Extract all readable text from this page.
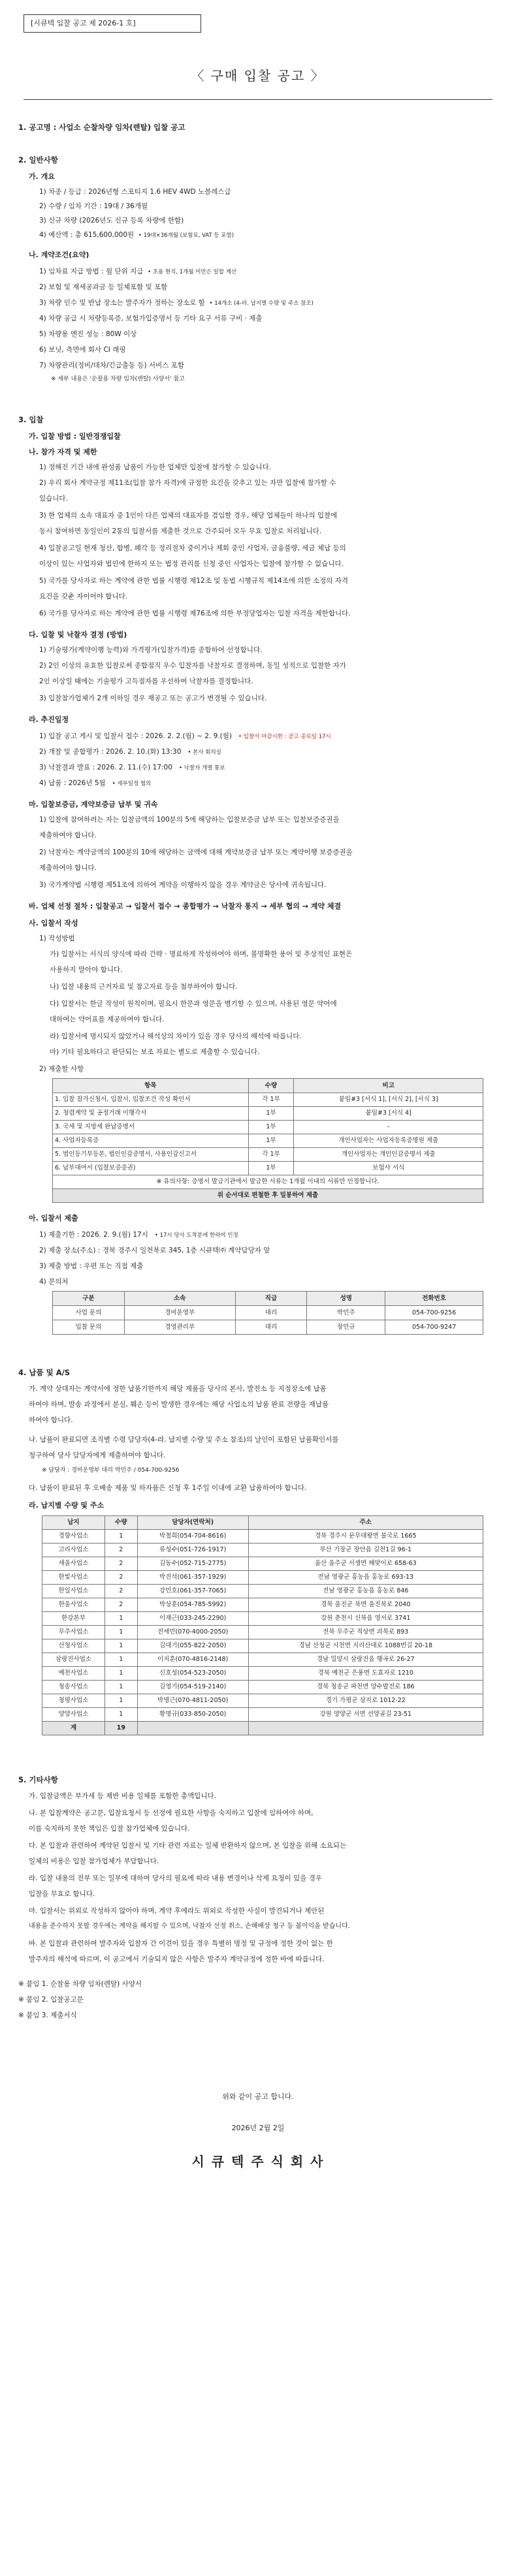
[시큐텍 입찰 공고 제 2026-1 호]
〈 구매 입찰 공고 〉
1. 공고명 : 사업소 순찰차량 임차(렌탈) 입찰 공고
2. 일반사항
가. 개요
1) 차종 / 등급 : 2026년형 스포티지 1.6 HEV 4WD 노블레스급
2) 수량 / 임차 기간 : 19대 / 36개월
3) 신규 차량 (2026년도 신규 등록 차량에 한함)
4) 예산액 : 총 615,600,000원 • 19대×36개월 (보험료, VAT 등 포함)
나. 계약조건(요약)
1) 임차료 지급 방법 : 월 단위 지급 • 초용 현직, 1개월 미만은 일할 계산
2) 보험 및 재세공과금 등 일체포함 및 포함
3) 차량 인수 및 반납 장소는 발주자가 정하는 장소로 함 • 14개소 (4-라. 납지별 수량 및 주소 참조)
4) 차량 공급 시 차량등록증, 보험가입증명서 등 기타 요구 서류 구비 · 제출
5) 차량용 엔진 성능 : 80W 이상
6) 보닛, 측면에 회사 CI 래핑
7) 차량관리(정비/대차/긴급출동 등) 서비스 포함
※ 세부 내용은 '순찰용 차량 임차(렌탈) 사양서' 참고
3. 입찰
가. 입찰 방법 : 일반경쟁입찰
나. 참가 자격 및 제한
1) 정해진 기간 내에 완성품 납품이 가능한 업체만 입찰에 참가할 수 있습니다.
2) 우리 회사 계약규정 제11조(입찰 참가 자격)에 규정한 요건을 갖추고 있는 자만 입찰에 참가할 수
있습니다.
3) 한 업체의 소속 대표자 중 1인이 다른 업체의 대표자를 겸임할 경우, 해당 업체들이 하나의 입찰에
동시 참여하면 동일인이 2통의 입찰서를 제출한 것으로 간주되어 모두 무효 입찰로 처리됩니다.
4) 입찰공고일 현재 청산, 합병, 폐각 등 정리절차 중이거나 제회 중인 사업자, 금융불량, 세금 체납 등의
이상이 있는 사업자와 법인에 한하지 또는 법정 관리를 신청 중인 사업자는 입찰에 참가할 수 없습니다.
5) 국가를 당사자로 하는 계약에 관한 법률 시행령 제12조 및 동법 시행규칙 제14조에 의한 소정의 자격
요건을 갖춘 자이어야 합니다.
6) 국가를 당사자로 하는 계약에 관한 법률 시행령 제76조에 의한 부정당업자는 입찰 자격을 제한합니다.
다. 입찰 및 낙찰자 결정 (방법)
1) 기술평가(계약이행 능력)와 가격평가(입찰가격)를 종합하여 선정합니다.
2) 2인 이상의 유효한 입찰로써 종합점직 우수 입찰자를 낙찰자로 결정하며, 동일 성적으로 입찰한 자가
2인 이상일 때에는 기술평가 고득점자를 우선하여 낙찰자를 결정합니다.
3) 입찰참가업체가 2개 이하일 경우 재공고 또는 공고가 변경될 수 있습니다.
라. 추진일정
1) 입찰 공고 게시 및 입찰서 접수 : 2026. 2. 2.(월) ~ 2. 9.(월) • 입찰서 마감시한 : 공고 종료일 17시
2) 개찰 및 종합평가 : 2026. 2. 10.(화) 13:30 • 본사 회의실
3) 낙찰결과 발표 : 2026. 2. 11.(수) 17:00 • 낙찰자 개별 통보
4) 납품 : 2026년 5월 • 세부일정 협의
마. 입찰보증금, 계약보증금 납부 및 귀속
1) 입찰에 참여하려는 자는 입찰금액의 100분의 5에 해당하는 입찰보증금 납부 또는 입찰보증증권을
제출하여야 합니다.
2) 낙찰자는 계약금액의 100분의 10에 해당하는 금액에 대해 계약보증금 납부 또는 계약이행 보증증권을
제출하여야 합니다.
3) 국가계약법 시행령 제51조에 의하여 계약을 이행하지 않을 경우 계약금은 당사에 귀속됩니다.
바. 업체 선정 절차 : 입찰공고 → 입찰서 접수 → 종합평가 → 낙찰자 통지 → 세부 협의 → 계약 체결
사. 입찰서 작성
1) 작성방법
가) 입찰서는 서식의 양식에 따라 간략 · 명료하게 작성하여야 하며, 불명확한 용어 및 추상적인 표현은
사용하지 말아야 합니다.
나) 입찰 내용의 근거자료 및 참고자료 등을 첨부하여야 합니다.
다) 입찰서는 한글 작성이 원칙이며, 필요시 한문과 영문을 병기할 수 있으며, 사용된 영문 약어에
대하여는 약어표를 제공하여야 합니다.
라) 입찰서에 명시되지 않았거나 해석상의 차이가 있을 경우 당사의 해석에 따릅니다.
마) 기타 필요하다고 판단되는 보조 자료는 별도로 제출할 수 있습니다.
2) 제출할 사항
항목	수량	비고
1. 입찰 참가신청서, 입찰서, 입찰조건 작성 확인서	각 1부	붙임#3 [서식 1], [서식 2], [서식 3]
2. 청렴계약 및 공정거래 이행각서	1부	붙임#3 [서식 4]
3. 국세 및 지방세 완납증명서	1부	-
4. 사업자등록증	1부	개인사업자는 사업자등록증명원 제출
5. 법인등기부등본, 법인인감증명서, 사용인감신고서	각 1부	개인사업자는 개인인감증명서 제출
6. 납부대여서 (입찰보증증권)	1부	보험사 서식
※ 유의사항: 증명서 발급기관에서 발급한 서류는 1개월 이내의 서류만 인정합니다.		
위 순서대로 편철한 후 밀봉하여 제출		
아. 입찰서 제출
1) 제출기한 : 2026. 2. 9.(월) 17시 • 17시 당사 도착분에 한하여 인정
2) 제출 장소(주소) : 경북 경주시 일천북로 345, 1층 시큐텍㈜ 계약담당자 앞
3) 제출 방법 : 우편 또는 직접 제출
4) 문의처
구분	소속	직급	성명	전화번호
사업 문의	경비운영부	대리	박민주	054-700-9256
입찰 문의	경영관리부	대리	장민규	054-700-9247
4. 납품 및 A/S
가. 계약 상대자는 계약서에 정한 납품기한까지 해당 제품을 당사의 본사, 발전소 등 지정장소에 납품
하여야 하며, 발송 과정에서 분실, 훼손 등이 발생한 경우에는 해당 사업소의 납품 완료 전량을 재납품
하여야 합니다.
나. 납품이 완료되면 조직별 수령 담당자(4-라. 납지별 수량 및 주소 참조)의 날인이 포함된 납품확인서를
청구하여 당사 담당자에게 제출하여야 합니다.
※ 담당자 : 경비운영부 대리 박민주 / 054-700-9256
다. 납품이 완료된 후 오배송 제품 및 하자품은 신청 후 1주일 이내에 교환 납품하여야 합니다.
라. 납지별 수량 및 주소
납지	수량	담당자(연락처)	주소
경향사업소	1	박철희(054-704-8616)	경북 경주시 문무대왕면 불국로 1665
고리사업소	2	류성수(051-726-1917)	부산 기장군 장안읍 길천1길 96-1
새울사업소	2	김동수(052-715-2775)	울산 울주군 서생면 해맞이로 658-63
한빛사업소	2	박진석(061-357-1929)	전남 영광군 홍농읍 홍농로 693-13
한일사업소	2	강민호(061-357-7065)	전남 영광군 홍농읍 홍농로 846
한울사업소	2	박상훈(054-785-5992)	경북 울진군 북면 울진북로 2040
한강본부	1	이재근(033-245-2290)	강원 춘천시 신북읍 영서로 3741
무주사업소	1	전세민(070-4000-2050)	전북 무주군 적상면 괴목로 893
산청사업소	1	김대기(055-822-2050)	경남 산청군 시천면 지리산대로 1088번길 20-18
삼랑진사업소	1	이지훈(070-4816-2148)	경남 밀양시 삼랑진읍 행곡로 26-27
예천사업소	1	신호성(054-523-2050)	경북 예천군 은풍면 도효자로 1210
청송사업소	1	김영기(054-519-2140)	경북 청송군 파천면 양수발전로 186
청평사업소	1	박명근(070-4811-2050)	경기 가평군 상지로 1012-22
양양사업소	1	황명규(033-850-2050)	강원 양양군 서면 선양골길 23-51
계	19		
5. 기타사항
가. 입찰금액은 부가세 등 제반 비용 일체를 포함한 총액입니다.
나. 본 입찰계약은 공고문, 입찰요청서 등 선정에 필요한 사항을 숙지하고 입찰에 임하여야 하며,
이를 숙지하지 못한 책임은 입찰 참가업체에 있습니다.
다. 본 입찰과 관련하여 계약된 입찰서 및 기타 관련 자료는 일체 반환하지 않으며, 본 입찰을 위해 소요되는
일체의 비용은 입찰 참가업체가 부담합니다.
라. 입찰 내용의 전부 또는 일부에 대하여 당사의 필요에 따라 내용 변경이나 삭제 요청이 있을 경우
입찰을 무효로 합니다.
마. 입찰서는 위외로 작성하지 않아야 하며, 계약 후에라도 위외로 작성한 사실이 발견되거나 제안된
내용을 준수하지 못할 경우에는 계약을 해지할 수 있으며, 낙찰자 선정 취소, 손해배상 청구 등 불이익을 받습니다.
바. 본 입찰과 관련하여 발주자와 입찰자 간 이견이 있을 경우 특별히 명정 및 규정에 정한 것이 없는 한
발주자의 해석에 따르며, 이 공고에서 기술되지 않은 사항은 발주자 계약규정에 정한 바에 따릅니다.
※ 붙임 1. 순찰용 차량 임차(렌탈) 사양서
※ 붙임 2. 입찰공고문
※ 붙임 3. 제출서식
위와 같이 공고 합니다.
2026년 2월 2일
시 큐 텍 주 식 회 사
